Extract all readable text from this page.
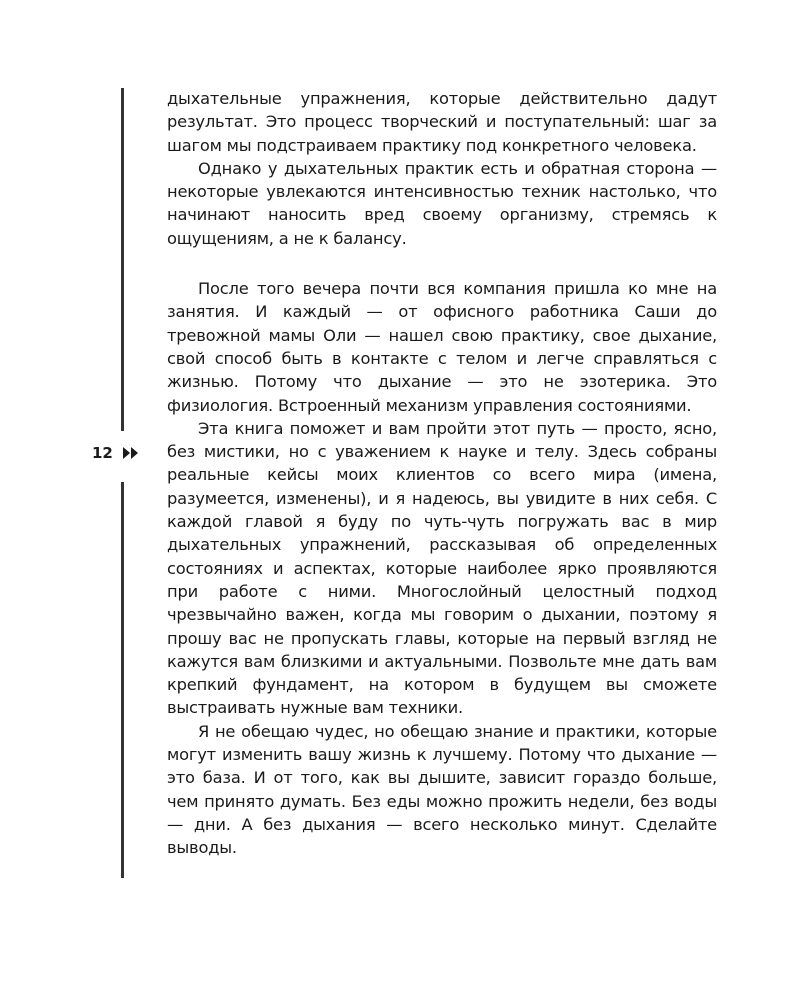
12

дыхательные упражнения, которые действительно дадут результат. Это процесс творческий и поступательный: шаг за шагом мы подстраиваем практику под конкретного человека.

Однако у дыхательных практик есть и обратная сторона — некоторые увлекаются интенсивностью техник настолько, что начинают наносить вред своему организму, стремясь к ощущениям, а не к балансу.

После того вечера почти вся компания пришла ко мне на занятия. И каждый — от офисного работника Саши до тревожной мамы Оли — нашел свою практику, свое дыхание, свой способ быть в контакте с телом и легче справляться с жизнью. Потому что дыхание — это не эзотерика. Это физиология. Встроенный механизм управления состояниями.

Эта книга поможет и вам пройти этот путь — просто, ясно, без мистики, но с уважением к науке и телу. Здесь собраны реальные кейсы моих клиентов со всего мира (имена, разумеется, изменены), и я надеюсь, вы увидите в них себя. С каждой главой я буду по чуть-чуть погружать вас в мир дыхательных упражнений, рассказывая об определенных состояниях и аспектах, которые наиболее ярко проявляются при работе с ними. Многослойный целостный подход чрезвычайно важен, когда мы говорим о дыхании, поэтому я прошу вас не пропускать главы, которые на первый взгляд не кажутся вам близкими и актуальными. Позвольте мне дать вам крепкий фундамент, на котором в будущем вы сможете выстраивать нужные вам техники.

Я не обещаю чудес, но обещаю знание и практики, которые могут изменить вашу жизнь к лучшему. Потому что дыхание — это база. И от того, как вы дышите, зависит гораздо больше, чем принято думать. Без еды можно прожить недели, без воды — дни. А без дыхания — всего несколько минут. Сделайте выводы.
